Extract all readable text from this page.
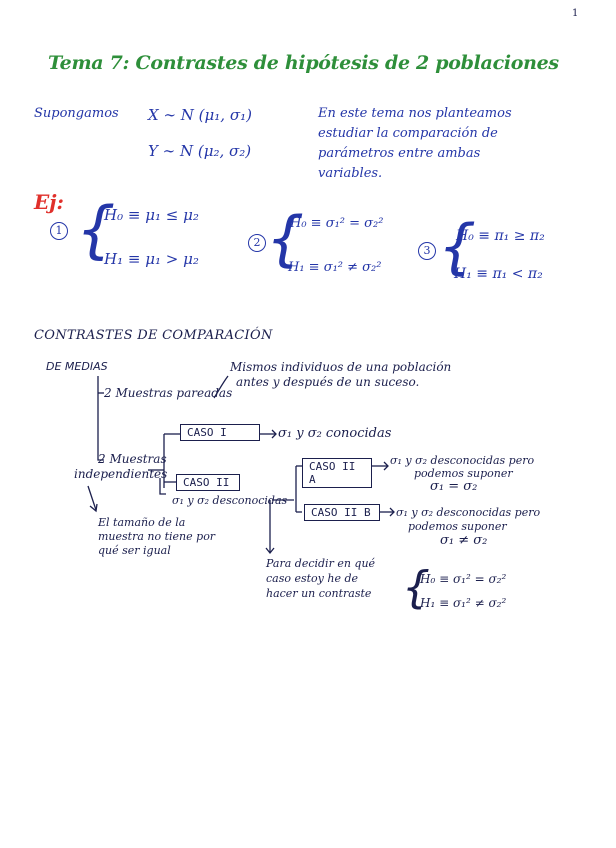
1
Tema 7: Contrastes de hipótesis de 2 poblaciones
Supongamos X ∼ N (μ₁, σ₁)
Y ∼ N (μ₂, σ₂)
En este tema nos planteamos
estudiar la comparación de
parámetros entre ambas
variables.
Ej:
1 {
H₀ ≡ μ₁ ≤ μ₂
H₁ ≡ μ₁ > μ₂
2 {
H₀ ≡ σ₁² = σ₂²
H₁ ≡ σ₁² ≠ σ₂²
3 {
H₀ ≡ π₁ ≥ π₂
H₁ ≡ π₁ < π₂
CONTRASTES DE COMPARACIÓN
DE MEDIAS
2 Muestras pareadas
Mismos individuos de una población
antes y después de un suceso.
2 Muestras
independientes
El tamaño de la
muestra no tiene por
qué ser igual
CASO I	σ₁ y σ₂ conocidas
CASO II
σ₁ y σ₂ desconocidas
CASO II A
σ₁ y σ₂ desconocidas pero
podemos suponer
σ₁ = σ₂
CASO II B	σ₁ y σ₂ desconocidas pero
podemos suponer
σ₁ ≠ σ₂
Para decidir en qué
caso estoy he de
hacer un contraste {
H₀ ≡ σ₁² = σ₂²
H₁ ≡ σ₁² ≠ σ₂²
